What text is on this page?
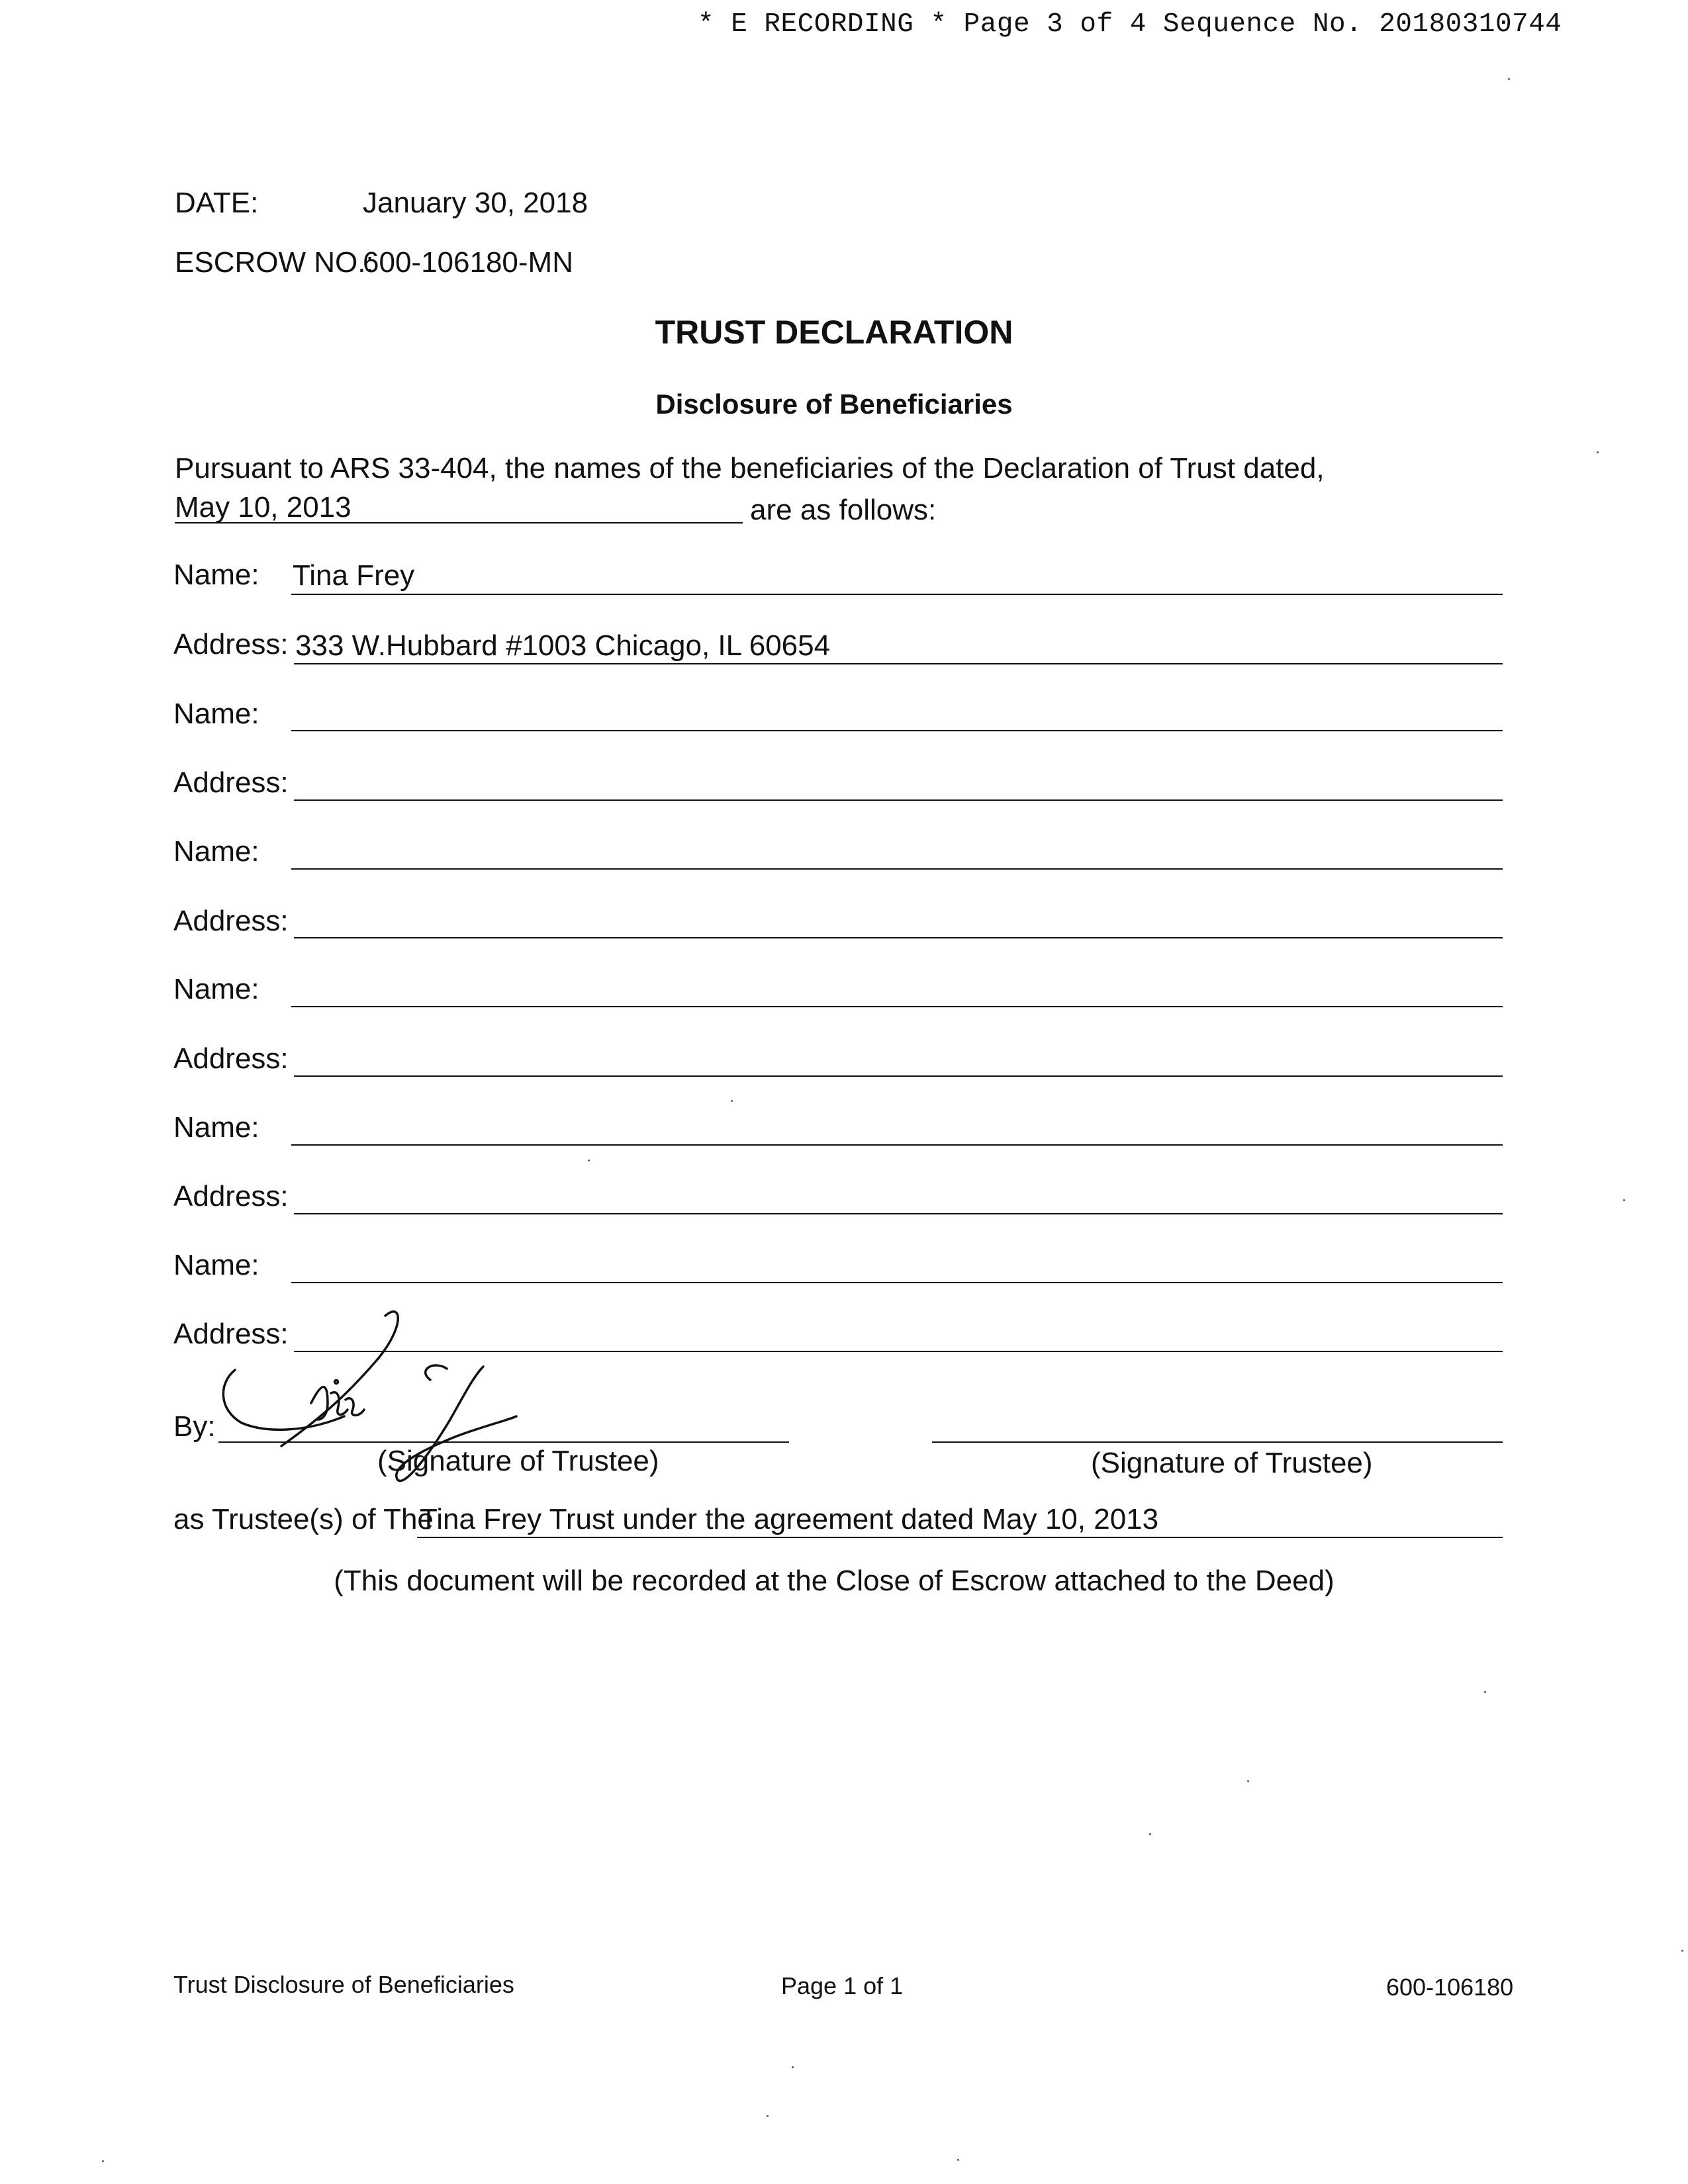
* E RECORDING * Page 3 of 4 Sequence No. 20180310744
DATE:	January 30, 2018
ESCROW NO.:
600-106180-MN
TRUST DECLARATION
Disclosure of Beneficiaries
Pursuant to ARS 33-404, the names of the beneficiaries of the Declaration of Trust dated,
May 10, 2013	are as follows:
Name: Tina Frey
Address: 333 W.Hubbard #1003 Chicago, IL 60654
Name:
Address:
Name:
Address:
Name:
Address:
Name:
Address:
Name:
Address:
By:
(Signature of Trustee)	(Signature of Trustee)
as Trustee(s) of The
Tina Frey Trust under the agreement dated May 10, 2013
(This document will be recorded at the Close of Escrow attached to the Deed)
Trust Disclosure of Beneficiaries	Page 1 of 1	600-106180
